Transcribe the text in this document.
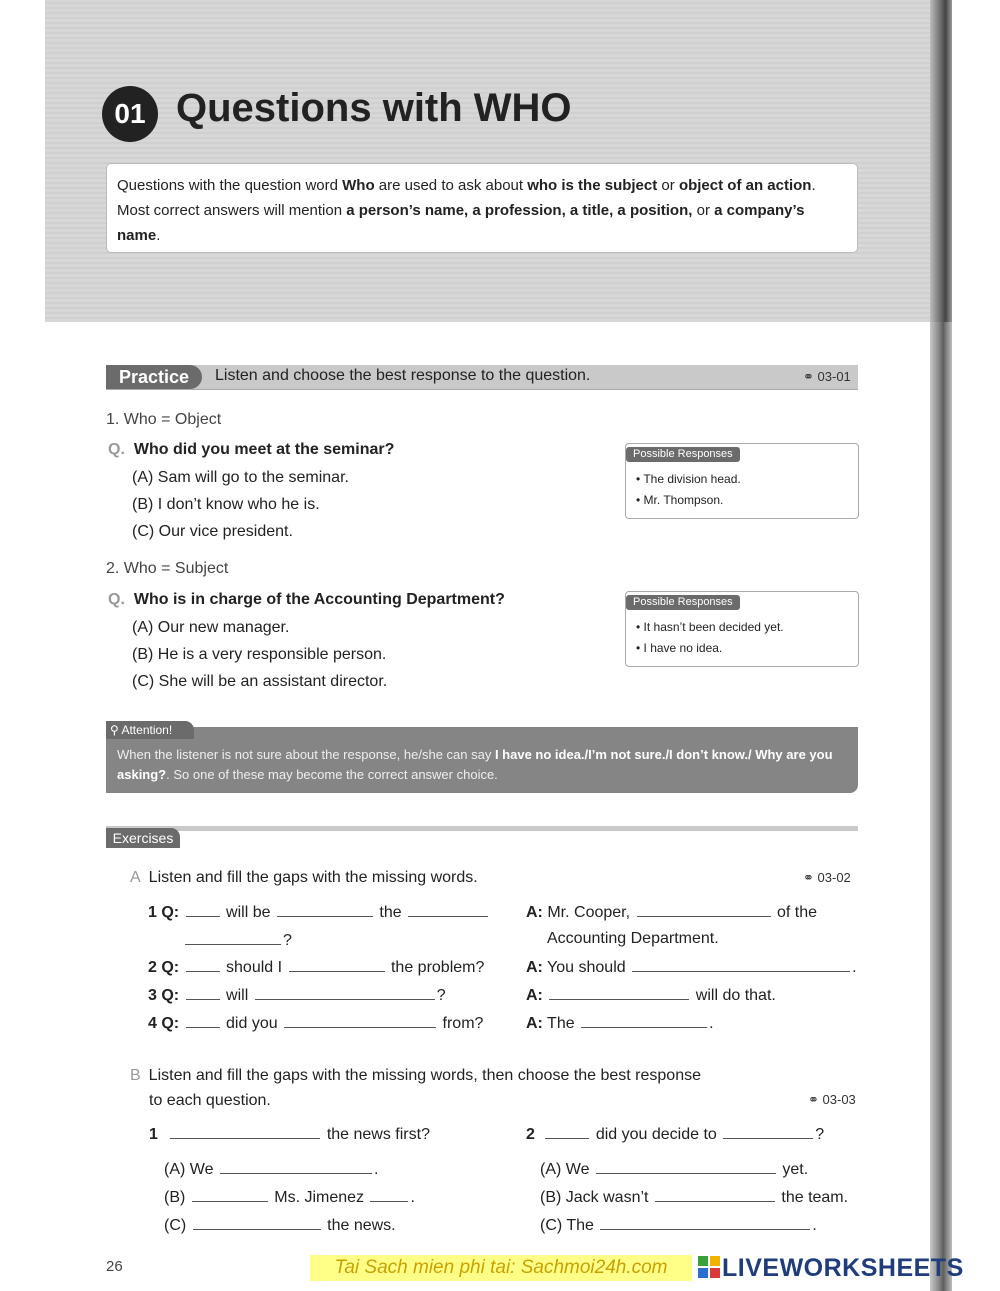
01 Questions with WHO
Questions with the question word Who are used to ask about who is the subject or object of an action. Most correct answers will mention a person’s name, a profession, a title, a position, or a company’s name.
Practice	Listen and choose the best response to the question.	⚭ 03-01
1. Who = Object
Q. Who did you meet at the seminar?
(A) Sam will go to the seminar.
(B) I don’t know who he is.
(C) Our vice president.
Possible Responses
• The division head.
• Mr. Thompson.
2. Who = Subject
Q. Who is in charge of the Accounting Department?
(A) Our new manager.
(B) He is a very responsible person.
(C) She will be an assistant director.
Possible Responses
• It hasn’t been decided yet.
• I have no idea.
⚲ Attention!
When the listener is not sure about the response, he/she can say I have no idea./I’m not sure./I don’t know./ Why are you asking?. So one of these may become the correct answer choice.
Exercises
A Listen and fill the gaps with the missing words.	⚭ 03-02
1 Q:	will be	the
?
A: Mr. Cooper,	of the
Accounting Department.
2 Q:	should I	the problem?	A: You should	.
3 Q:	will	?	A:	will do that.
4 Q:	did you	from?	A: The	.
B Listen and fill the gaps with the missing words, then choose the best response
to each question.	⚭ 03-03
1	the news first?
(A) We	.
(B)	Ms. Jimenez	.
(C)	the news.
2	did you decide to	?
(A) We	yet.
(B) Jack wasn’t	the team.
(C) The	.
26	Tai Sach mien phi tai: Sachmoi24h.com	LIVEWORKSHEETS
